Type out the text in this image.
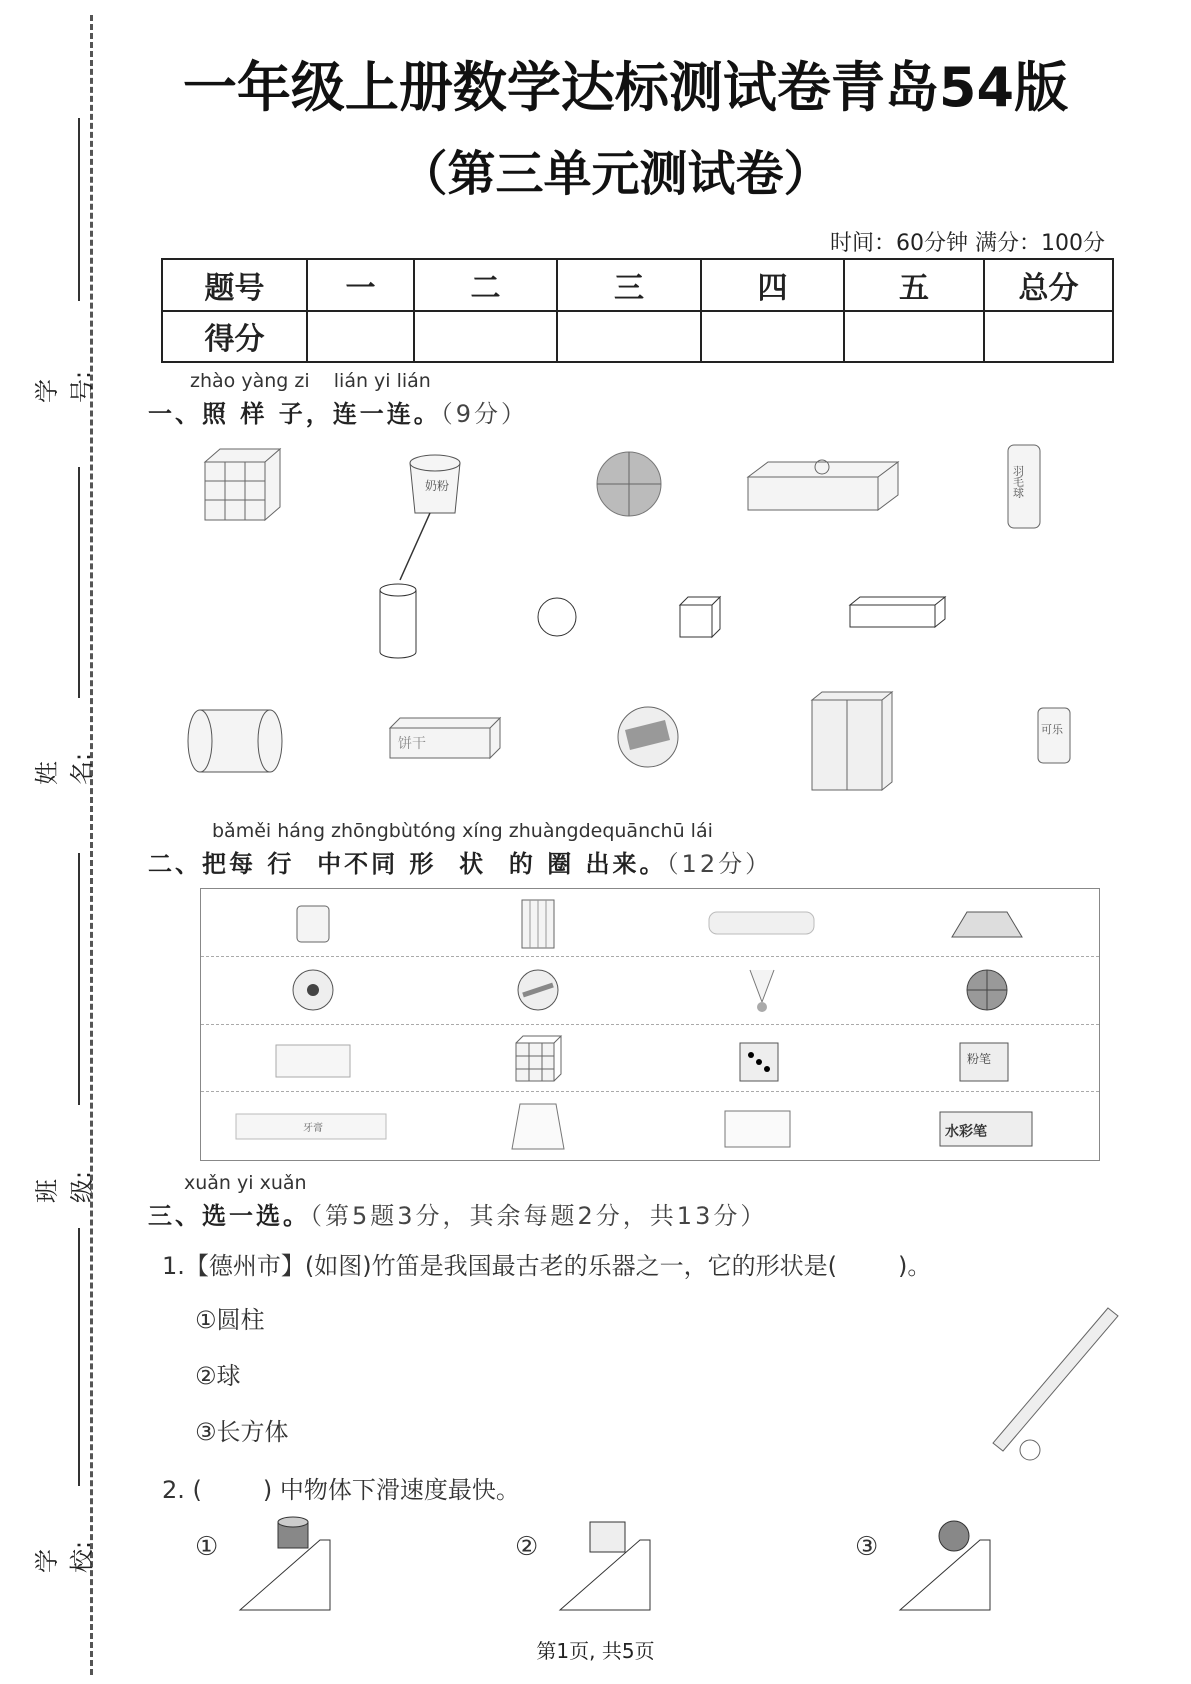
学号:
姓名:
班级:
学校:
一年级上册数学达标测试卷青岛54版
（第三单元测试卷）
时间：60分钟 满分：100分
题号	一	二	三	四	五	总分
得分						
zhào yàng zi    lián yi lián
一、照 样 子，连一连。（9分）
奶粉	羽毛球
饼干
可乐
bǎměi háng zhōngbùtóng xíng zhuàngdequānchū lái
二、把每 行  中不同 形  状  的 圈 出来。（12分）
粉笔
牙膏	水彩笔
xuǎn yi xuǎn
三、选一选。（第5题3分，其余每题2分，共13分）
1.【德州市】(如图)竹笛是我国最古老的乐器之一，它的形状是(        )。
①圆柱
②球
③长方体
2. (        ) 中物体下滑速度最快。
①	②	③
第1页, 共5页
